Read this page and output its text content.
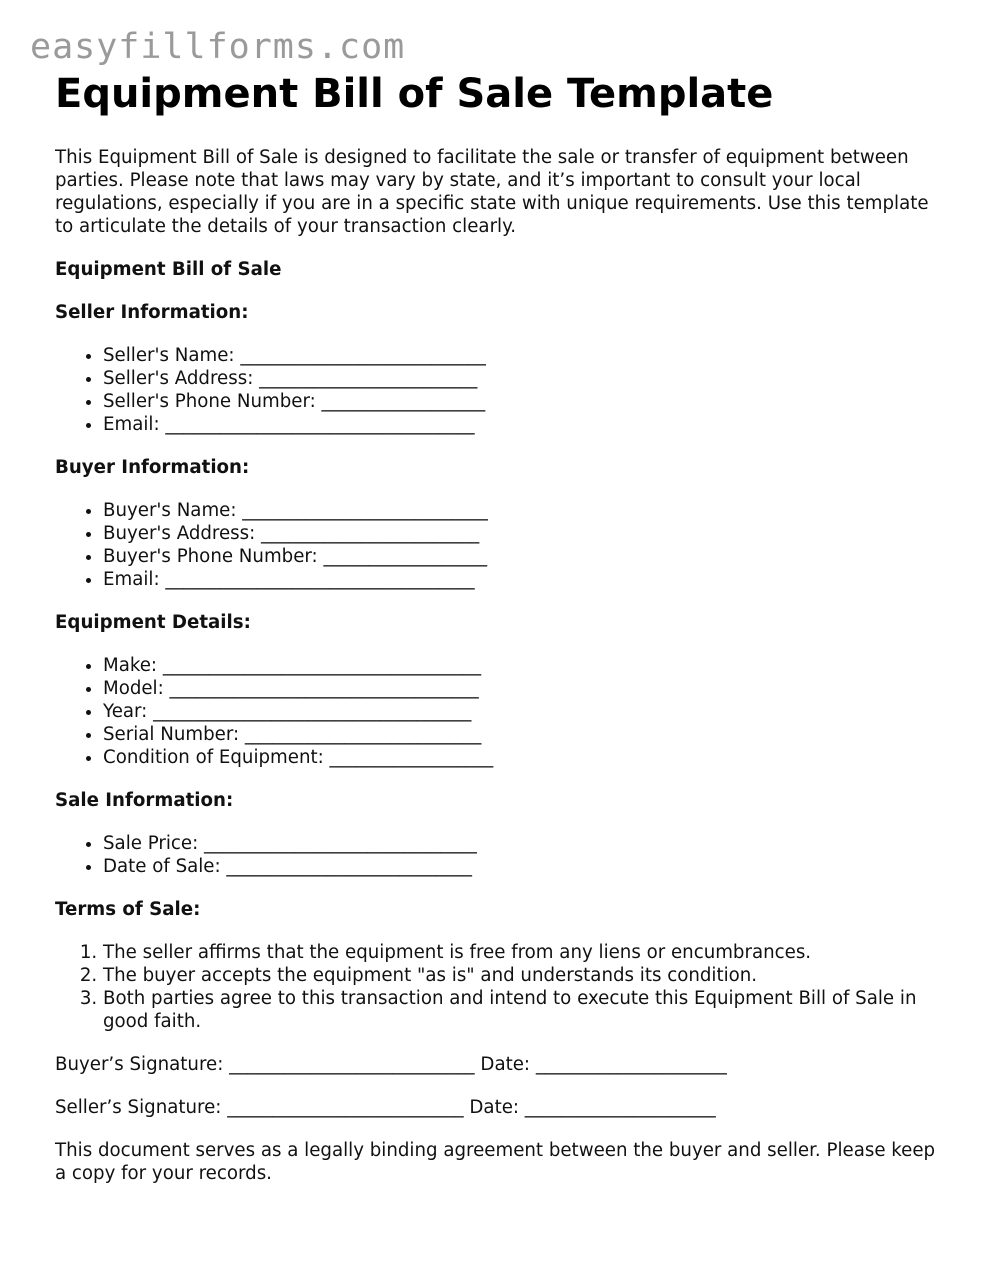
easyfillforms.com
Equipment Bill of Sale Template

This Equipment Bill of Sale is designed to facilitate the sale or transfer of equipment between parties. Please note that laws may vary by state, and it’s important to consult your local regulations, especially if you are in a specific state with unique requirements. Use this template to articulate the details of your transaction clearly.

Equipment Bill of Sale

Seller Information:

• Seller's Name: ___________________________
• Seller's Address: ________________________
• Seller's Phone Number: __________________
• Email: __________________________________

Buyer Information:

• Buyer's Name: ___________________________
• Buyer's Address: ________________________
• Buyer's Phone Number: __________________
• Email: __________________________________

Equipment Details:

• Make: ___________________________________
• Model: __________________________________
• Year: ___________________________________
• Serial Number: __________________________
• Condition of Equipment: __________________

Sale Information:

• Sale Price: ______________________________
• Date of Sale: ___________________________

Terms of Sale:

1. The seller affirms that the equipment is free from any liens or encumbrances.
2. The buyer accepts the equipment "as is" and understands its condition.
3. Both parties agree to this transaction and intend to execute this Equipment Bill of Sale in good faith.

Buyer’s Signature: ___________________________ Date: _____________________

Seller’s Signature: __________________________ Date: _____________________

This document serves as a legally binding agreement between the buyer and seller. Please keep a copy for your records.
